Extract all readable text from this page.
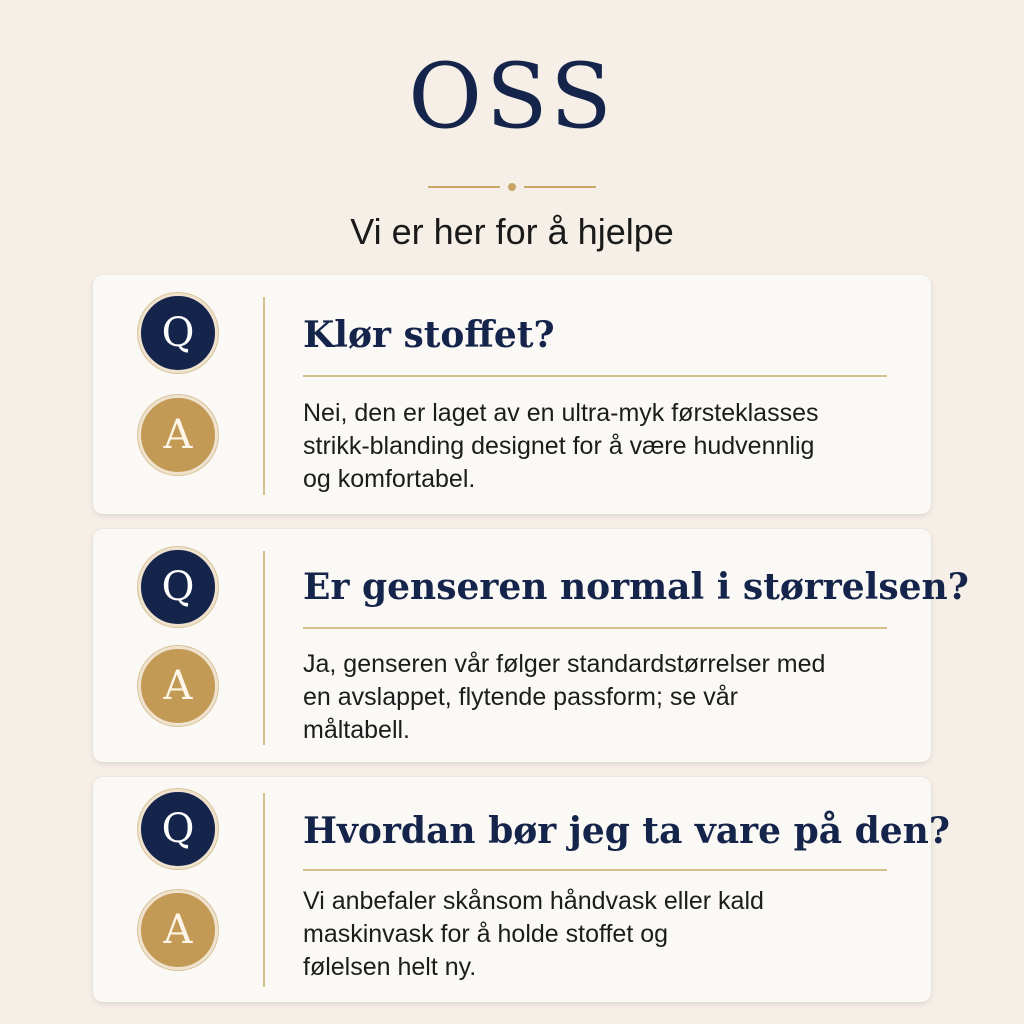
OSS
Vi er her for å hjelpe
Q
A
Klør stoffet?
Nei, den er laget av en ultra-myk førsteklasses
strikk-blanding designet for å være hudvennlig
og komfortabel.
Q
A
Er genseren normal i størrelsen?
Ja, genseren vår følger standardstørrelser med
en avslappet, flytende passform; se vår
måltabell.
Q
A
Hvordan bør jeg ta vare på den?
Vi anbefaler skånsom håndvask eller kald
maskinvask for å holde stoffet og
følelsen helt ny.
